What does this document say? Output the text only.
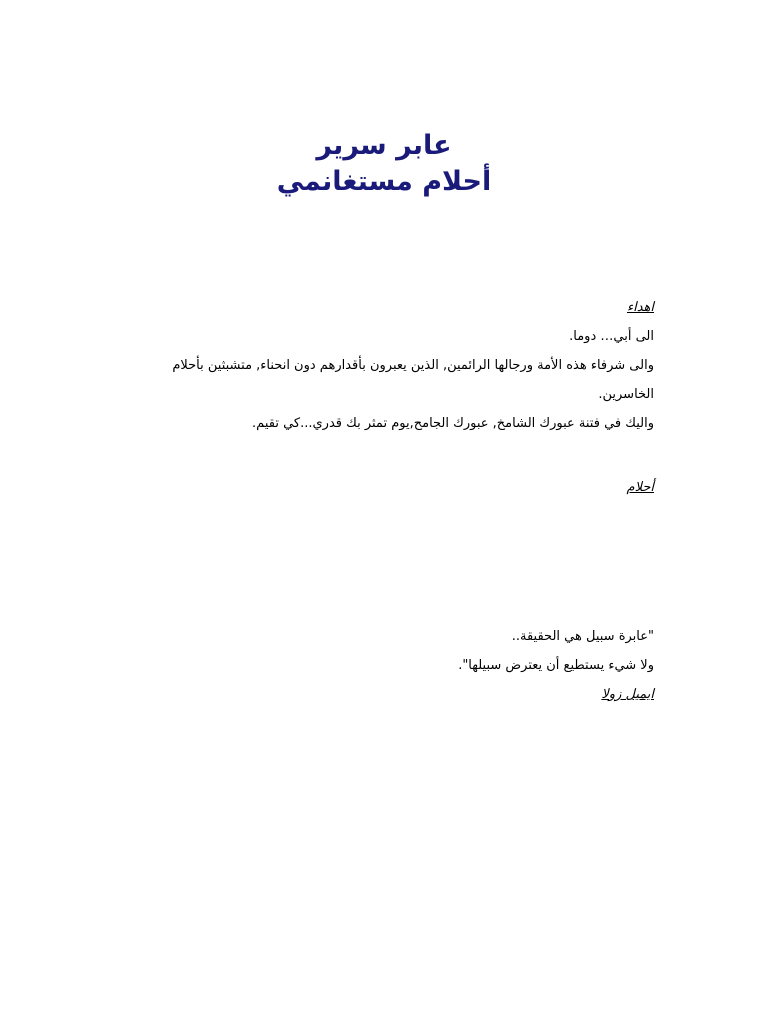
عابر سرير
أحلام مستغانمي
اهداء
الى أبي… دوما.
والى شرفاء هذه الأمة ورجالها الرائمين, الذين يعبرون بأقدارهم دون انحناء, متشبثين بأحلام
الخاسرين.
واليك في فتنة عبورك الشامخ, عبورك الجامح,يوم تمثر بك قدري...كي تقيم.
أحلام
"عابرة سبيل هي الحقيقة..
ولا شيء يستطيع أن يعترض سبيلها".
ايميل زولا
